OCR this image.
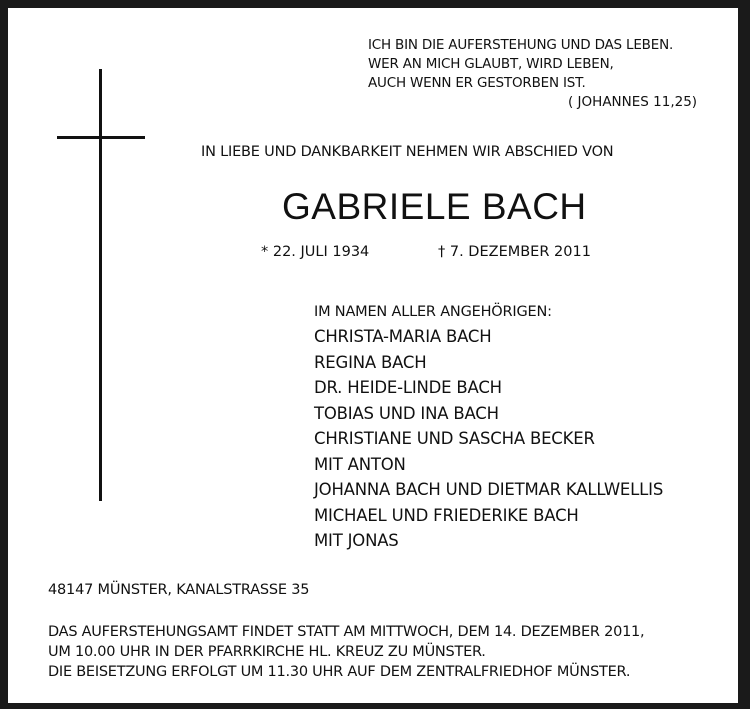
ICH BIN DIE AUFERSTEHUNG UND DAS LEBEN.
WER AN MICH GLAUBT, WIRD LEBEN,
AUCH WENN ER GESTORBEN IST.
( JOHANNES 11,25)
IN LIEBE UND DANKBARKEIT NEHMEN WIR ABSCHIED VON
GABRIELE BACH
* 22. JULI 1934	† 7. DEZEMBER 2011
IM NAMEN ALLER ANGEHÖRIGEN:
CHRISTA-MARIA BACH
REGINA BACH
DR. HEIDE-LINDE BACH
TOBIAS UND INA BACH
CHRISTIANE UND SASCHA BECKER
MIT ANTON
JOHANNA BACH UND DIETMAR KALLWELLIS
MICHAEL UND FRIEDERIKE BACH
MIT JONAS
48147 MÜNSTER, KANALSTRASSE 35
DAS AUFERSTEHUNGSAMT FINDET STATT AM MITTWOCH, DEM 14. DEZEMBER 2011,
UM 10.00 UHR IN DER PFARRKIRCHE HL. KREUZ ZU MÜNSTER.
DIE BEISETZUNG ERFOLGT UM 11.30 UHR AUF DEM ZENTRALFRIEDHOF MÜNSTER.
